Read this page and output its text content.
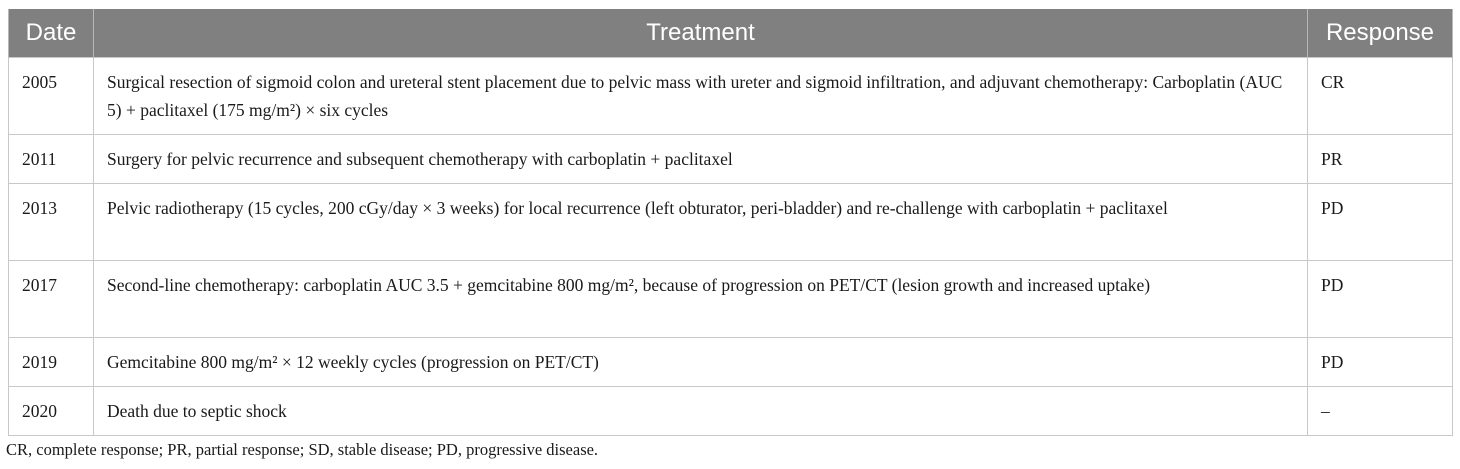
Date	Treatment	Response
2005	Surgical resection of sigmoid colon and ureteral stent placement due to pelvic mass with ureter and sigmoid infiltration, and adjuvant chemotherapy: Carboplatin (AUC 5) + paclitaxel (175 mg/m²) × six cycles	CR
2011	Surgery for pelvic recurrence and subsequent chemotherapy with carboplatin + paclitaxel	PR
2013	Pelvic radiotherapy (15 cycles, 200 cGy/day × 3 weeks) for local recurrence (left obturator, peri-bladder) and re-challenge with carboplatin + paclitaxel	PD
2017	Second-line chemotherapy: carboplatin AUC 3.5 + gemcitabine 800 mg/m², because of progression on PET/CT (lesion growth and increased uptake)	PD
2019	Gemcitabine 800 mg/m² × 12 weekly cycles (progression on PET/CT)	PD
2020	Death due to septic shock	–
CR, complete response; PR, partial response; SD, stable disease; PD, progressive disease.
